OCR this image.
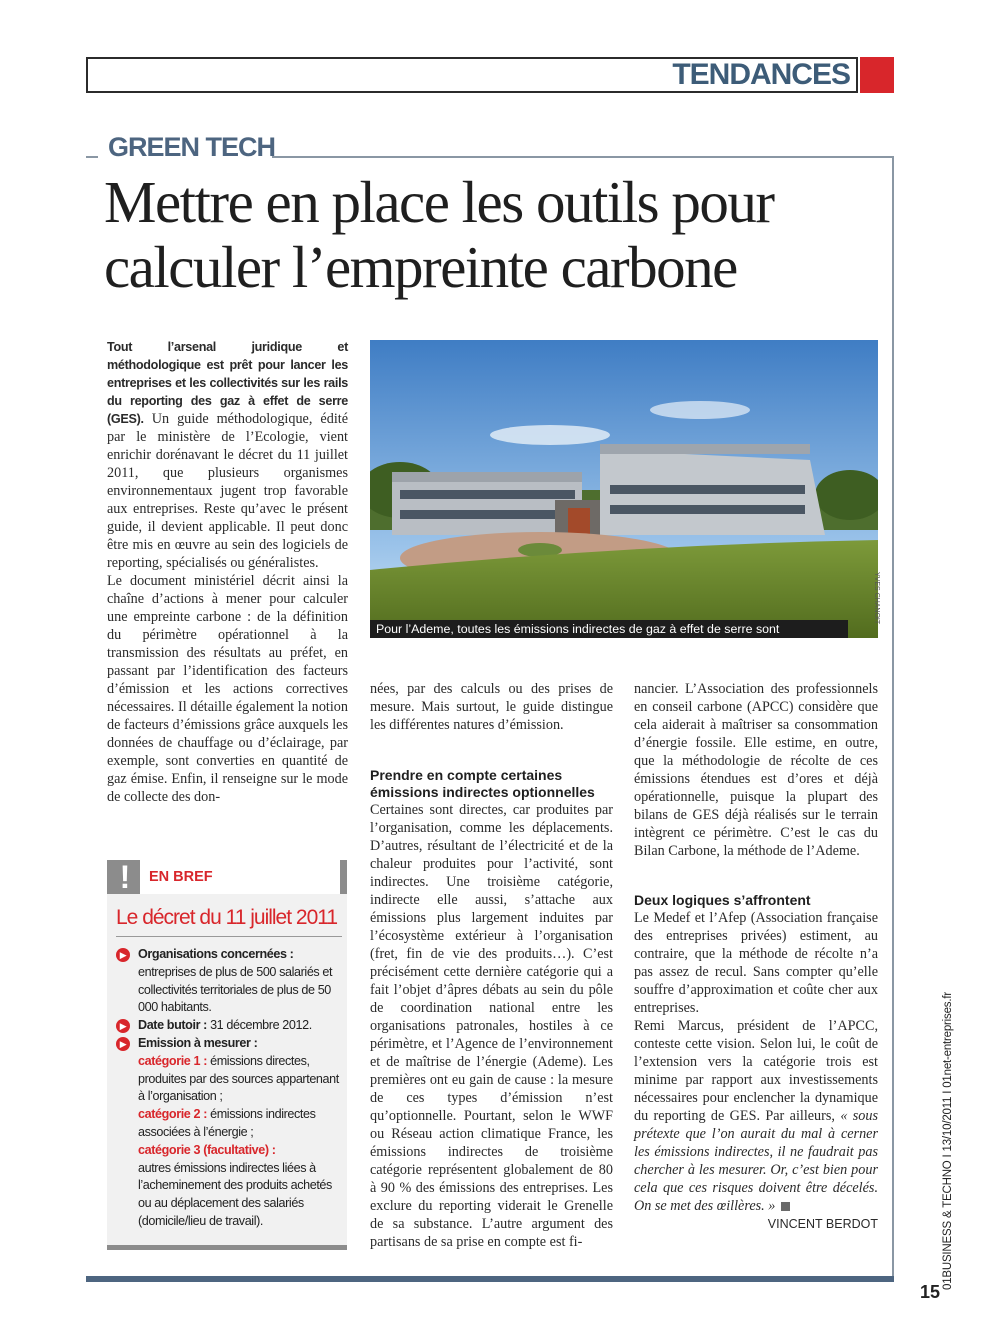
TENDANCES
GREEN TECH
Mettre en place les outils pour calculer l’empreinte carbone

Tout l’arsenal juridique et méthodologique est prêt pour lancer les entreprises et les collectivités sur les rails du reporting des gaz à effet de serre (GES). Un guide méthodologique, édité par le ministère de l’Ecologie, vient enrichir dorénavant le décret du 11 juillet 2011, que plusieurs organismes environnementaux jugent trop favorable aux entreprises. Reste qu’avec le présent guide, il devient applicable. Il peut donc être mis en œuvre au sein des logiciels de reporting, spécialisés ou généralistes.

Le document ministériel décrit ainsi la chaîne d’actions à mener pour calculer une empreinte carbone : de la définition du périmètre opérationnel à la transmission des résultats au préfet, en passant par l’identification des facteurs d’émission et les actions correctives nécessaires. Il détaille également la notion de facteurs d’émissions grâce auxquels les données de chauffage ou d’éclairage, par exemple, sont converties en quantité de gaz émise. Enfin, il renseigne sur le mode de collecte des don-

Pour l’Ademe, toutes les émissions indirectes de gaz à effet de serre sont mesurables.
YVES CHANOIT
!	EN BREF
Le décret du 11 juillet 2011
▶ Organisations concernées :
entreprises de plus de 500 salariés et collectivités territoriales de plus de 50 000 habitants.
▶ Date butoir : 31 décembre 2012.
▶ Emission à mesurer :
catégorie 1 : émissions directes, produites par des sources appartenant à l’organisation ;
catégorie 2 : émissions indirectes associées à l’énergie ;
catégorie 3 (facultative) :
autres émissions indirectes liées à l’acheminement des produits achetés ou au déplacement des salariés (domicile/lieu de travail).

nées, par des calculs ou des prises de mesure. Mais surtout, le guide distingue les différentes natures d’émission.

Prendre en compte certaines émissions indirectes optionnelles

Certaines sont directes, car produites par l’organisation, comme les déplacements. D’autres, résultant de l’électricité et de la chaleur produites pour l’activité, sont indirectes. Une troisième catégorie, indirecte elle aussi, s’attache aux émissions plus largement induites par l’écosystème extérieur à l’organisation (fret, fin de vie des produits…). C’est précisément cette dernière catégorie qui a fait l’objet d’âpres débats au sein du pôle de coordination national entre les organisations patronales, hostiles à ce périmètre, et l’Agence de l’environnement et de maîtrise de l’énergie (Ademe). Les premières ont eu gain de cause : la mesure de ces types d’émission n’est qu’optionnelle. Pourtant, selon le WWF ou Réseau action climatique France, les émissions indirectes de troisième catégorie représentent globalement de 80 à 90 % des émissions des entreprises. Les exclure du reporting viderait le Grenelle de sa substance. L’autre argument des partisans de sa prise en compte est fi-

nancier. L’Association des professionnels en conseil carbone (APCC) considère que cela aiderait à maîtriser sa consommation d’énergie fossile. Elle estime, en outre, que la méthodologie de récolte de ces émissions étendues est d’ores et déjà opérationnelle, puisque la plupart des bilans de GES déjà réalisés sur le terrain intègrent ce périmètre. C’est le cas du Bilan Carbone, la méthode de l’Ademe.

Deux logiques s’affrontent

Le Medef et l’Afep (Association française des entreprises privées) estiment, au contraire, que la méthode de récolte n’a pas assez de recul. Sans compter qu’elle souffre d’approximation et coûte cher aux entreprises.

Remi Marcus, président de l’APCC, conteste cette vision. Selon lui, le coût de l’extension vers la catégorie trois est minime par rapport aux investissements nécessaires pour enclencher la dynamique du reporting de GES. Par ailleurs, « sous prétexte que l’on aurait du mal à cerner les émissions indirectes, il ne faudrait pas chercher à les mesurer. Or, c’est bien pour cela que ces risques doivent être décelés. On se met des œillères. »
VINCENT BERDOT	01BUSINESS & TECHNO I 13/10/2011 I 01net-entreprises.fr
15
